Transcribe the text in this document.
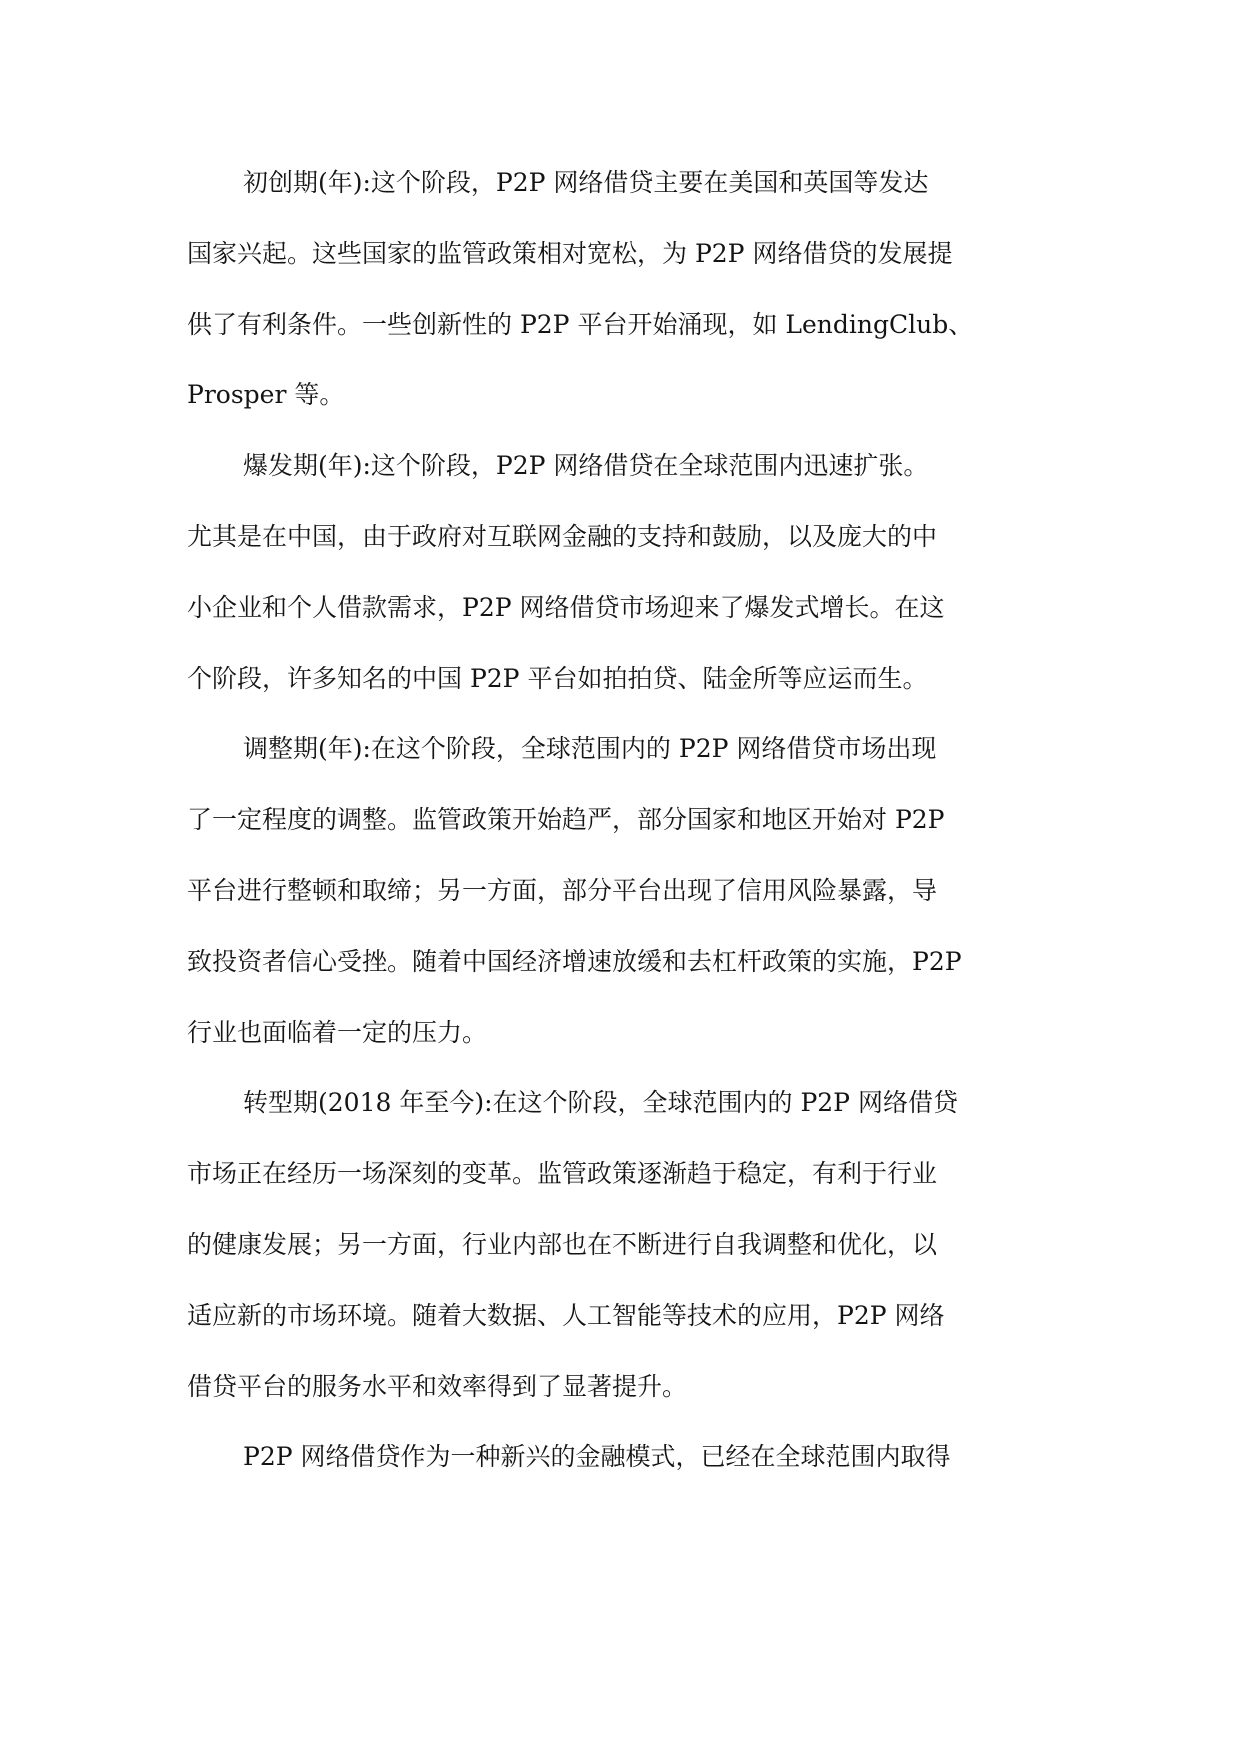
初创期(年):这个阶段，P2P 网络借贷主要在美国和英国等发达
国家兴起。这些国家的监管政策相对宽松，为 P2P 网络借贷的发展提
供了有利条件。一些创新性的 P2P 平台开始涌现，如 LendingClub、
Prosper 等。
爆发期(年):这个阶段，P2P 网络借贷在全球范围内迅速扩张。
尤其是在中国，由于政府对互联网金融的支持和鼓励，以及庞大的中
小企业和个人借款需求，P2P 网络借贷市场迎来了爆发式增长。在这
个阶段，许多知名的中国 P2P 平台如拍拍贷、陆金所等应运而生。
调整期(年):在这个阶段，全球范围内的 P2P 网络借贷市场出现
了一定程度的调整。监管政策开始趋严，部分国家和地区开始对 P2P
平台进行整顿和取缔；另一方面，部分平台出现了信用风险暴露，导
致投资者信心受挫。随着中国经济增速放缓和去杠杆政策的实施，P2P
行业也面临着一定的压力。
转型期(2018 年至今):在这个阶段，全球范围内的 P2P 网络借贷
市场正在经历一场深刻的变革。监管政策逐渐趋于稳定，有利于行业
的健康发展；另一方面，行业内部也在不断进行自我调整和优化，以
适应新的市场环境。随着大数据、人工智能等技术的应用，P2P 网络
借贷平台的服务水平和效率得到了显著提升。
P2P 网络借贷作为一种新兴的金融模式，已经在全球范围内取得
